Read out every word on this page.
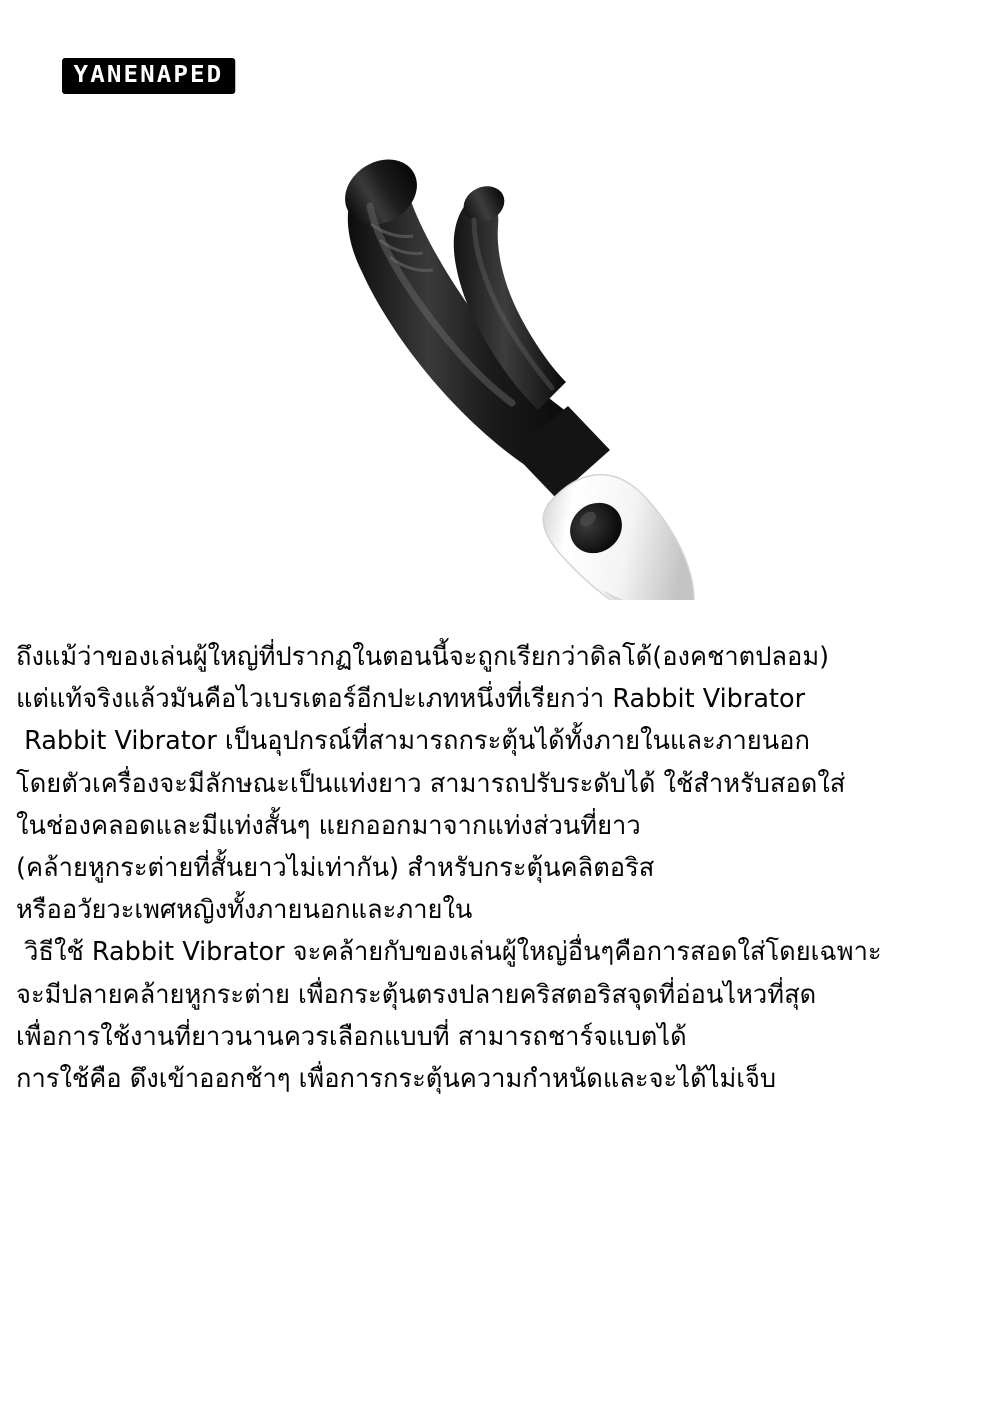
YANENAPED

ถึงแม้ว่าของเล่นผู้ใหญ่ที่ปรากฏในตอนนี้จะถูกเรียกว่าดิลโด้(องคชาตปลอม)

แต่แท้จริงแล้วมันคือไวเบรเตอร์อีกปะเภทหนึ่งที่เรียกว่า Rabbit Vibrator

Rabbit Vibrator เป็นอุปกรณ์ที่สามารถกระตุ้นได้ทั้งภายในและภายนอก

โดยตัวเครื่องจะมีลักษณะเป็นแท่งยาว สามารถปรับระดับได้ ใช้สำหรับสอดใส่

ในช่องคลอดและมีแท่งสั้นๆ แยกออกมาจากแท่งส่วนที่ยาว

(คล้ายหูกระต่ายที่สั้นยาวไม่เท่ากัน) สำหรับกระตุ้นคลิตอริส

หรืออวัยวะเพศหญิงทั้งภายนอกและภายใน

วิธีใช้ Rabbit Vibrator จะคล้ายกับของเล่นผู้ใหญ่อื่นๆคือการสอดใส่โดยเฉพาะ

จะมีปลายคล้ายหูกระต่าย เพื่อกระตุ้นตรงปลายคริสตอริสจุดที่อ่อนไหวที่สุด

เพื่อการใช้งานที่ยาวนานควรเลือกแบบที่ สามารถชาร์จแบตได้

การใช้คือ ดึงเข้าออกช้าๆ เพื่อการกระตุ้นความกำหนัดและจะได้ไม่เจ็บ
